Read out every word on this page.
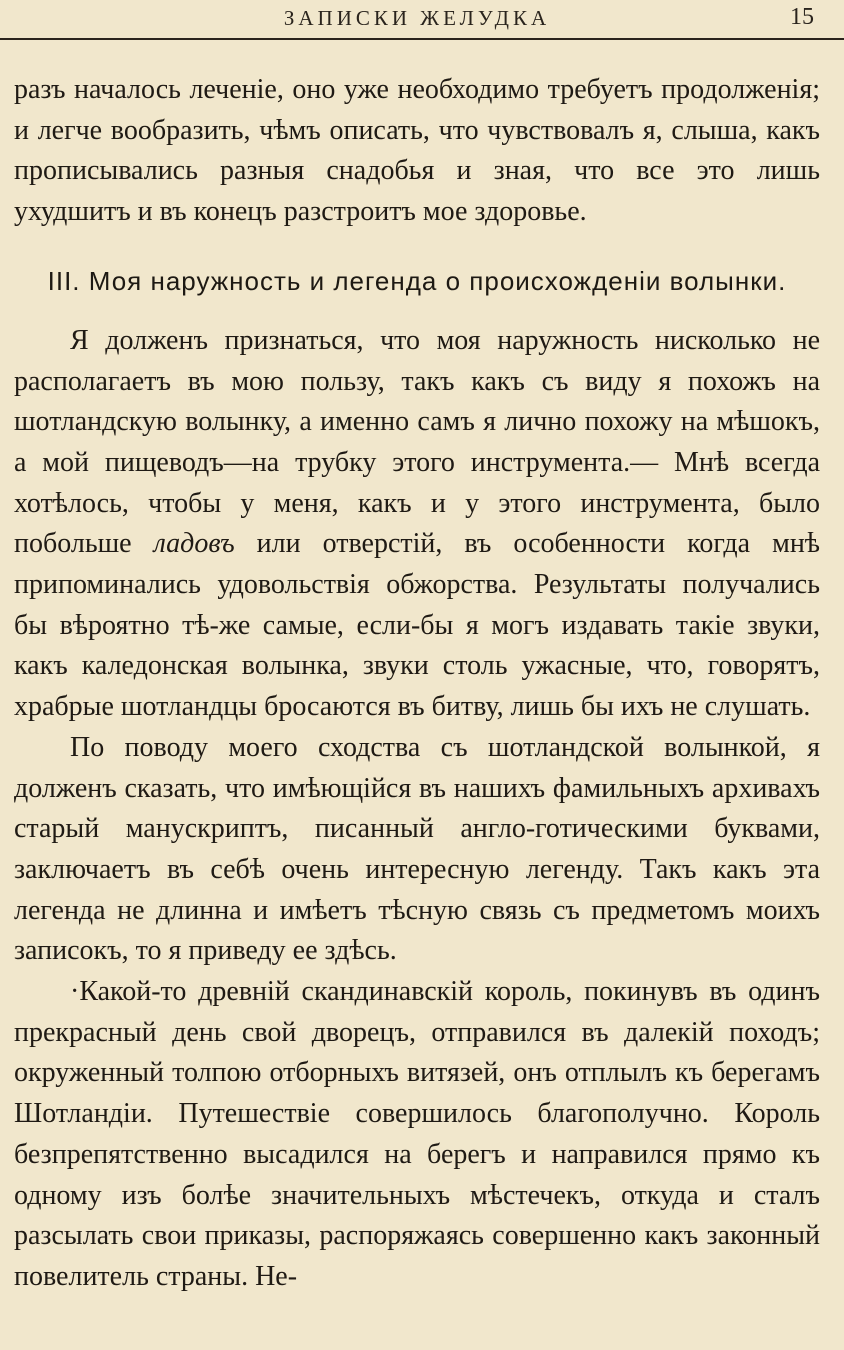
ЗАПИСКИ ЖЕЛУДКА	15

разъ началось леченіе, оно уже необходимо требуетъ продолженія; и легче вообразить, чѣмъ описать, что чувствовалъ я, слыша, какъ прописывались разныя снадобья и зная, что все это лишь ухудшитъ и въ конецъ разстроитъ мое здоровье.

III. Моя наружность и легенда о происхожденіи волынки.

Я долженъ признаться, что моя наружность нисколько не располагаетъ въ мою пользу, такъ какъ съ виду я похожъ на шотландскую волынку, а именно самъ я лично похожу на мѣшокъ, а мой пищеводъ—на трубку этого инструмента.— Мнѣ всегда хотѣлось, чтобы у меня, какъ и у этого инструмента, было побольше ладовъ или отверстій, въ особенности когда мнѣ припоминались удовольствія обжорства. Результаты получались бы вѣроятно тѣ-же самые, если-бы я могъ издавать такіе звуки, какъ каледонская волынка, звуки столь ужасные, что, говорятъ, храбрые шотландцы бросаются въ битву, лишь бы ихъ не слушать.

По поводу моего сходства съ шотландской волынкой, я долженъ сказать, что имѣющійся въ нашихъ фамильныхъ архивахъ старый манускриптъ, писанный англо-готическими буквами, заключаетъ въ себѣ очень интересную легенду. Такъ какъ эта легенда не длинна и имѣетъ тѣсную связь съ предметомъ моихъ записокъ, то я приведу ее здѣсь.

·Какой-то древній скандинавскій король, покинувъ въ одинъ прекрасный день свой дворецъ, отправился въ далекій походъ; окруженный толпою отборныхъ витязей, онъ отплылъ къ берегамъ Шотландіи. Путешествіе совершилось благополучно. Король безпрепятственно высадился на берегъ и направился прямо къ одному изъ болѣе значительныхъ мѣстечекъ, откуда и сталъ разсылать свои приказы, распоряжаясь совершенно какъ законный повелитель страны. Не-
